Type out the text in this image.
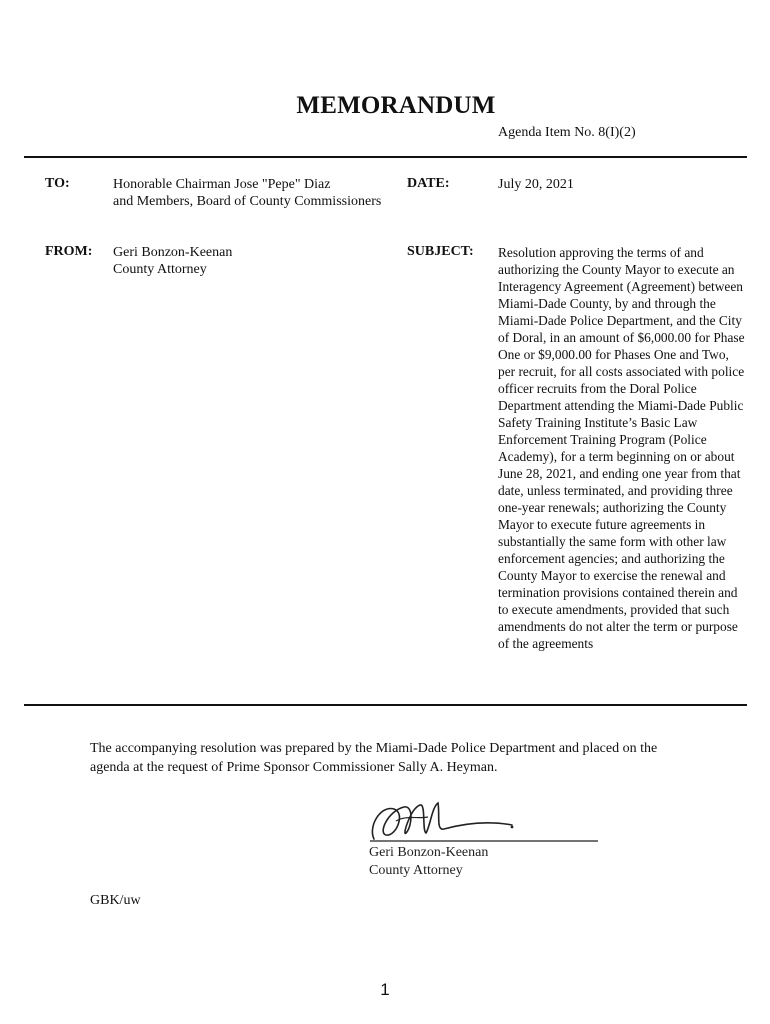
MEMORANDUM
Agenda Item No. 8(I)(2)
TO:	Honorable Chairman Jose "Pepe" Diaz
and Members, Board of County Commissioners
DATE:	July 20, 2021
FROM: Geri Bonzon-Keenan
County Attorney
SUBJECT: Resolution approving the terms of and authorizing the County Mayor to execute an Interagency Agreement (Agreement) between Miami-Dade County, by and through the Miami-Dade Police Department, and the City of Doral, in an amount of $6,000.00 for Phase One or $9,000.00 for Phases One and Two, per recruit, for all costs associated with police officer recruits from the Doral Police Department attending the Miami-Dade Public Safety Training Institute’s Basic Law Enforcement Training Program (Police Academy), for a term beginning on or about June 28, 2021, and ending one year from that date, unless terminated, and providing three one-year renewals; authorizing the County Mayor to execute future agreements in substantially the same form with other law enforcement agencies; and authorizing the County Mayor to exercise the renewal and termination provisions contained therein and to execute amendments, provided that such amendments do not alter the term or purpose of the agreements
The accompanying resolution was prepared by the Miami-Dade Police Department and placed on the agenda at the request of Prime Sponsor Commissioner Sally A. Heyman.
Geri Bonzon-Keenan
County Attorney
GBK/uw
1
